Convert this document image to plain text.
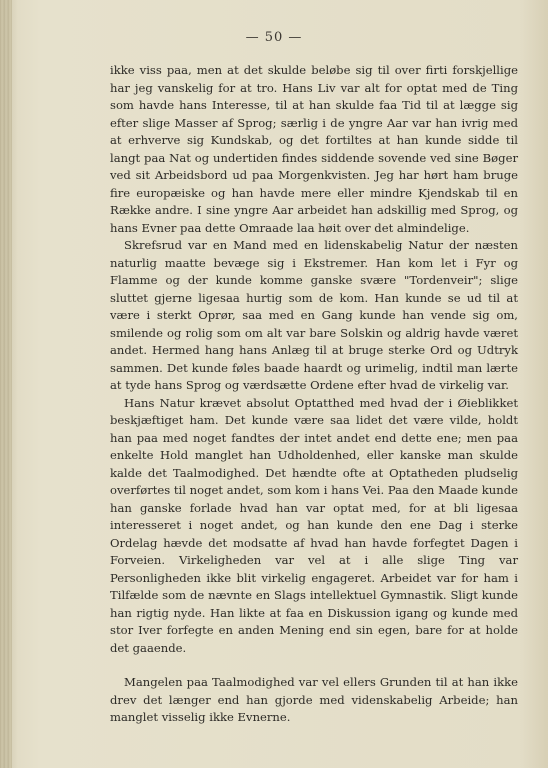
— 50 —

ikke viss paa, men at det skulde beløbe sig til over firti forskjellige har jeg vanskelig for at tro. Hans Liv var alt for optat med de Ting som havde hans Interesse, til at han skulde faa Tid til at lægge sig efter slige Masser af Sprog; særlig i de yngre Aar var han ivrig med at erhverve sig Kundskab, og det fortiltes at han kunde sidde til langt paa Nat og undertiden findes siddende sovende ved sine Bøger ved sit Arbeidsbord ud paa Morgenkvisten. Jeg har hørt ham bruge fire europæiske og han havde mere eller mindre Kjendskab til en Række andre. I sine yngre Aar arbeidet han adskillig med Sprog, og hans Evner paa dette Omraade laa høit over det almindelige.

Skrefsrud var en Mand med en lidenskabelig Natur der næsten naturlig maatte bevæge sig i Ekstremer. Han kom let i Fyr og Flamme og der kunde komme ganske svære "Tordenveir"; slige sluttet gjerne ligesaa hurtig som de kom. Han kunde se ud til at være i sterkt Oprør, saa med en Gang kunde han vende sig om, smilende og rolig som om alt var bare Solskin og aldrig havde været andet. Hermed hang hans Anlæg til at bruge sterke Ord og Udtryk sammen. Det kunde føles baade haardt og urimelig, indtil man lærte at tyde hans Sprog og værdsætte Ordene efter hvad de virkelig var.

Hans Natur krævet absolut Optatthed med hvad der i Øieblikket beskjæftiget ham. Det kunde være saa lidet det være vilde, holdt han paa med noget fandtes der intet andet end dette ene; men paa enkelte Hold manglet han Udholdenhed, eller kanske man skulde kalde det Taalmodighed. Det hændte ofte at Optatheden pludselig overførtes til noget andet, som kom i hans Vei. Paa den Maade kunde han ganske forlade hvad han var optat med, for at bli ligesaa interesseret i noget andet, og han kunde den ene Dag i sterke Ordelag hævde det modsatte af hvad han havde forfegtet Dagen i Forveien. Virkeligheden var vel at i alle slige Ting var Personligheden ikke blit virkelig engageret. Arbeidet var for ham i Tilfælde som de nævnte en Slags intellektuel Gymnastik. Sligt kunde han rigtig nyde. Han likte at faa en Diskussion igang og kunde med stor Iver forfegte en anden Mening end sin egen, bare for at holde det gaaende.

Mangelen paa Taalmodighed var vel ellers Grunden til at han ikke drev det længer end han gjorde med videnskabelig Arbeide; han manglet visselig ikke Evnerne.
